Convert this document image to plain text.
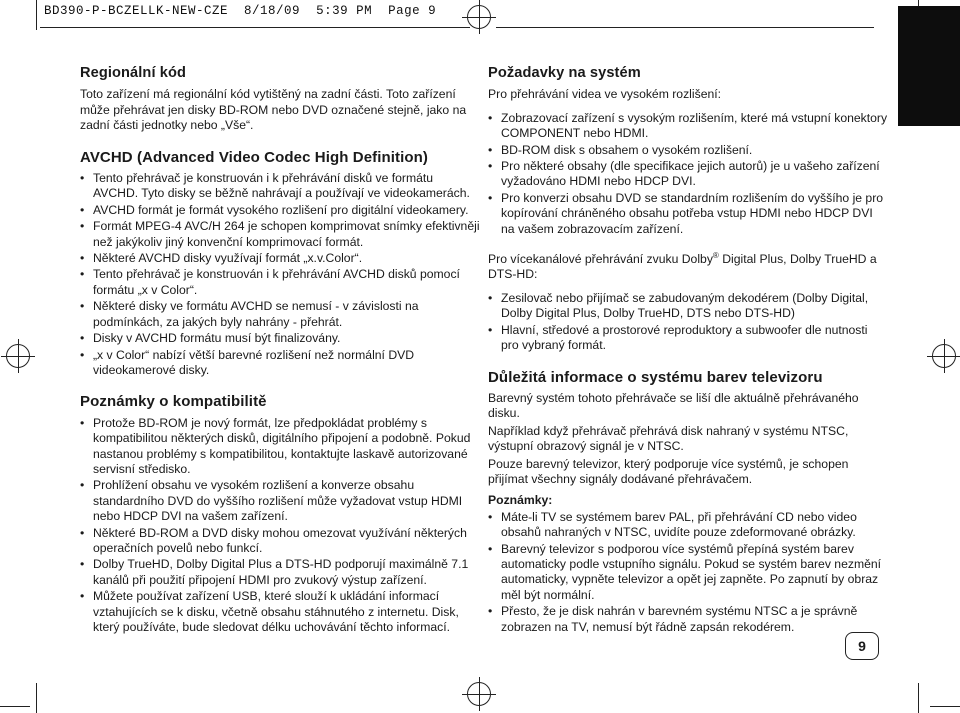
BD390-P-BCZELLK-NEW-CZE 8/18/09 5:39 PM Page 9
Regionální kód

Toto zařízení má regionální kód vytištěný na zadní části. Toto zařízení může přehrávat jen disky BD-ROM nebo DVD označené stejně, jako na zadní části jednotky nebo „Vše“.

AVCHD (Advanced Video Codec High Definition)
• Tento přehrávač je konstruován i k přehrávání disků ve formátu AVCHD. Tyto disky se běžně nahrávají a používají ve videokamerách.
• AVCHD formát je formát vysokého rozlišení pro digitální videokamery.
• Formát MPEG-4 AVC/H 264 je schopen komprimovat snímky efektivněji než jakýkoliv jiný konvenční komprimovací formát.
• Některé AVCHD disky využívají formát „x.v.Color“.
• Tento přehrávač je konstruován i k přehrávání AVCHD disků pomocí formátu „x v Color“.
• Některé disky ve formátu AVCHD se nemusí - v závislosti na podmínkách, za jakých byly nahrány - přehrát.
• Disky v AVCHD formátu musí být finalizovány.
• „x v Color“ nabízí větší barevné rozlišení než normální DVD videokamerové disky.
Poznámky o kompatibilitě
• Protože BD-ROM je nový formát, lze předpokládat problémy s kompatibilitou některých disků, digitálního připojení a podobně. Pokud nastanou problémy s kompatibilitou, kontaktujte laskavě autorizované servisní středisko.
• Prohlížení obsahu ve vysokém rozlišení a konverze obsahu standardního DVD do vyššího rozlišení může vyžadovat vstup HDMI nebo HDCP DVI na vašem zařízení.
• Některé BD-ROM a DVD disky mohou omezovat využívání některých operačních povelů nebo funkcí.
• Dolby TrueHD, Dolby Digital Plus a DTS-HD podporují maximálně 7.1 kanálů při použití připojení HDMI pro zvukový výstup zařízení.
• Můžete používat zařízení USB, které slouží k ukládání informací vztahujících se k disku, včetně obsahu stáhnutého z internetu. Disk, který používáte, bude sledovat délku uchovávání těchto informací.
Požadavky na systém

Pro přehrávání videa ve vysokém rozlišení:

• Zobrazovací zařízení s vysokým rozlišením, které má vstupní konektory COMPONENT nebo HDMI.
• BD-ROM disk s obsahem o vysokém rozlišení.
• Pro některé obsahy (dle specifikace jejich autorů) je u vašeho zařízení vyžadováno HDMI nebo HDCP DVI.
• Pro konverzi obsahu DVD se standardním rozlišením do vyššího je pro kopírování chráněného obsahu potřeba vstup HDMI nebo HDCP DVI na vašem zobrazovacím zařízení.

Pro vícekanálové přehrávání zvuku Dolby® Digital Plus, Dolby TrueHD a DTS-HD:

• Zesilovač nebo přijímač se zabudovaným dekodérem (Dolby Digital, Dolby Digital Plus, Dolby TrueHD, DTS nebo DTS-HD)
• Hlavní, středové a prostorové reproduktory a subwoofer dle nutnosti pro vybraný formát.
Důležitá informace o systému barev televizoru

Barevný systém tohoto přehrávače se liší dle aktuálně přehrávaného disku.

Například když přehrávač přehrává disk nahraný v systému NTSC, výstupní obrazový signál je v NTSC.

Pouze barevný televizor, který podporuje více systémů, je schopen přijímat všechny signály dodávané přehrávačem.

Poznámky:

• Máte-li TV se systémem barev PAL, při přehrávání CD nebo video obsahů nahraných v NTSC, uvidíte pouze zdeformované obrázky.
• Barevný televizor s podporou více systémů přepíná systém barev automaticky podle vstupního signálu. Pokud se systém barev nezmění automaticky, vypněte televizor a opět jej zapněte. Po zapnutí by obraz měl být normální.
• Přesto, že je disk nahrán v barevném systému NTSC a je správně zobrazen na TV, nemusí být řádně zapsán rekodérem.
9
